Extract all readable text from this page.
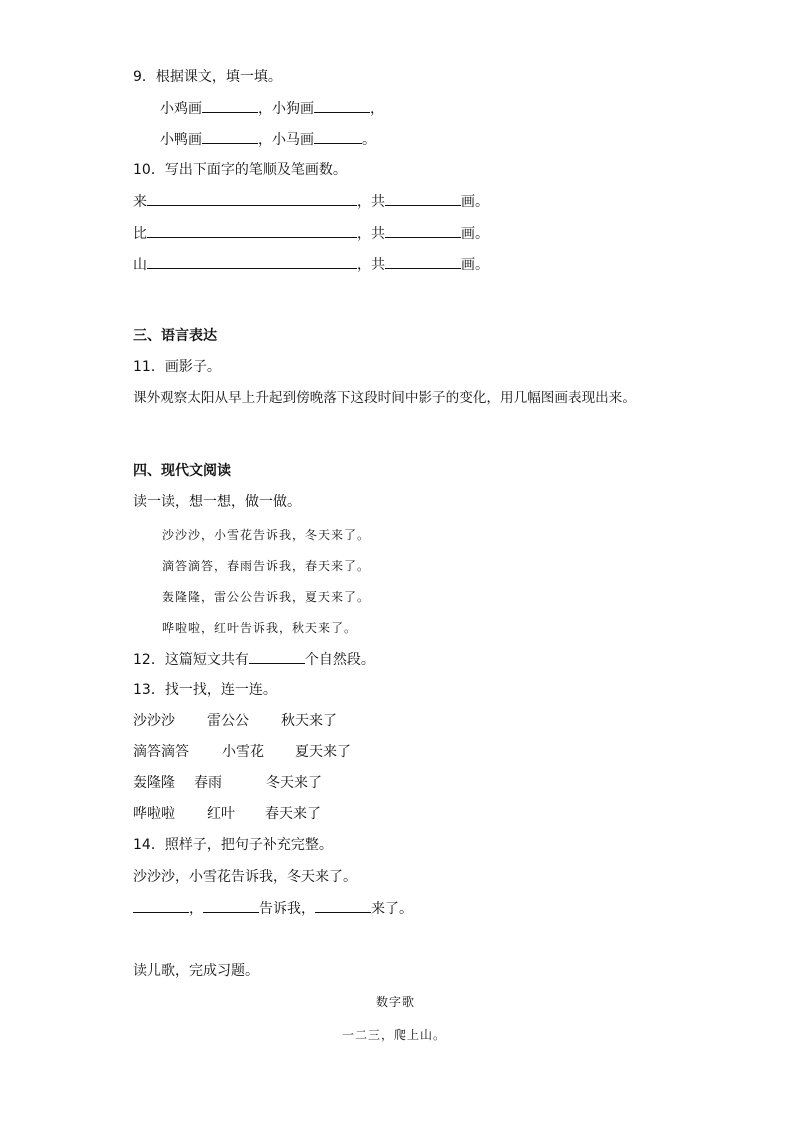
9．根据课文，填一填。
小鸡画	，小狗画	，
小鸭画	，小马画	。
10．写出下面字的笔顺及笔画数。
来	，共	画。
比	，共	画。
山	，共	画。
三、语言表达
11．画影子。
课外观察太阳从早上升起到傍晚落下这段时间中影子的变化，用几幅图画表现出来。
四、现代文阅读
读一读，想一想，做一做。
沙沙沙，小雪花告诉我，冬天来了。
滴答滴答，春雨告诉我，春天来了。
轰隆隆，雷公公告诉我，夏天来了。
哗啦啦，红叶告诉我，秋天来了。
12．这篇短文共有	个自然段。
13．找一找，连一连。
沙沙沙 雷公公 秋天来了
滴答滴答 小雪花 夏天来了
轰隆隆 春雨	冬天来了
哗啦啦 红叶 春天来了
14．照样子，把句子补充完整。
沙沙沙，小雪花告诉我，冬天来了。
，	告诉我，	来了。
读儿歌，完成习题。
数字歌
一二三，爬上山。
